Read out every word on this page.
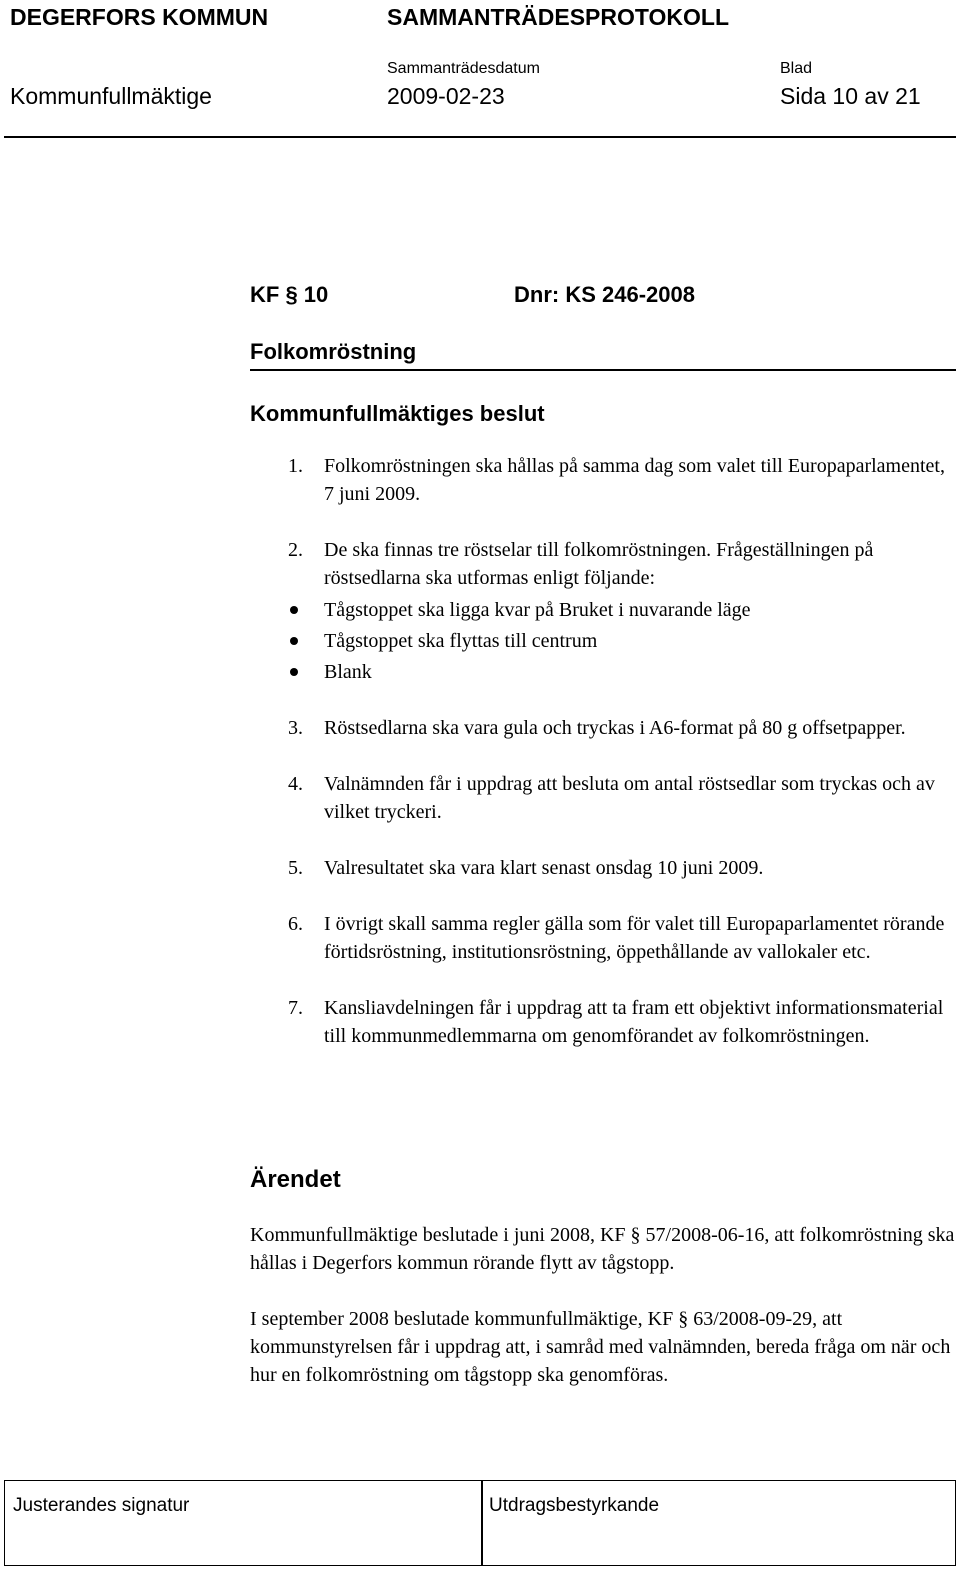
DEGERFORS KOMMUN	SAMMANTRÄDESPROTOKOLL
Sammanträdesdatum	Blad
Kommunfullmäktige	2009-02-23	Sida 10 av 21
KF § 10	Dnr: KS 246-2008
Folkomröstning
Kommunfullmäktiges beslut
1. Folkomröstningen ska hållas på samma dag som valet till Europaparlamentet, 7 juni 2009.
2. De ska finnas tre röstselar till folkomröstningen. Frågeställningen på röstsedlarna ska utformas enligt följande:
Tågstoppet ska ligga kvar på Bruket i nuvarande läge
Tågstoppet ska flyttas till centrum
Blank
3. Röstsedlarna ska vara gula och tryckas i A6-format på 80 g offsetpapper.
4. Valnämnden får i uppdrag att besluta om antal röstsedlar som tryckas och av vilket tryckeri.
5. Valresultatet ska vara klart senast onsdag 10 juni 2009.
6. I övrigt skall samma regler gälla som för valet till Europaparlamentet rörande förtidsröstning, institutionsröstning, öppethållande av vallokaler etc.
7. Kansliavdelningen får i uppdrag att ta fram ett objektivt informationsmaterial till kommunmedlemmarna om genomförandet av folkomröstningen.
Ärendet
Kommunfullmäktige beslutade i juni 2008, KF § 57/2008-06-16, att folkomröstning ska hållas i Degerfors kommun rörande flytt av tågstopp.
I september 2008 beslutade kommunfullmäktige, KF § 63/2008-09-29, att kommunstyrelsen får i uppdrag att, i samråd med valnämnden, bereda fråga om när och hur en folkomröstning om tågstopp ska genomföras.
Justerandes signatur	Utdragsbestyrkande
